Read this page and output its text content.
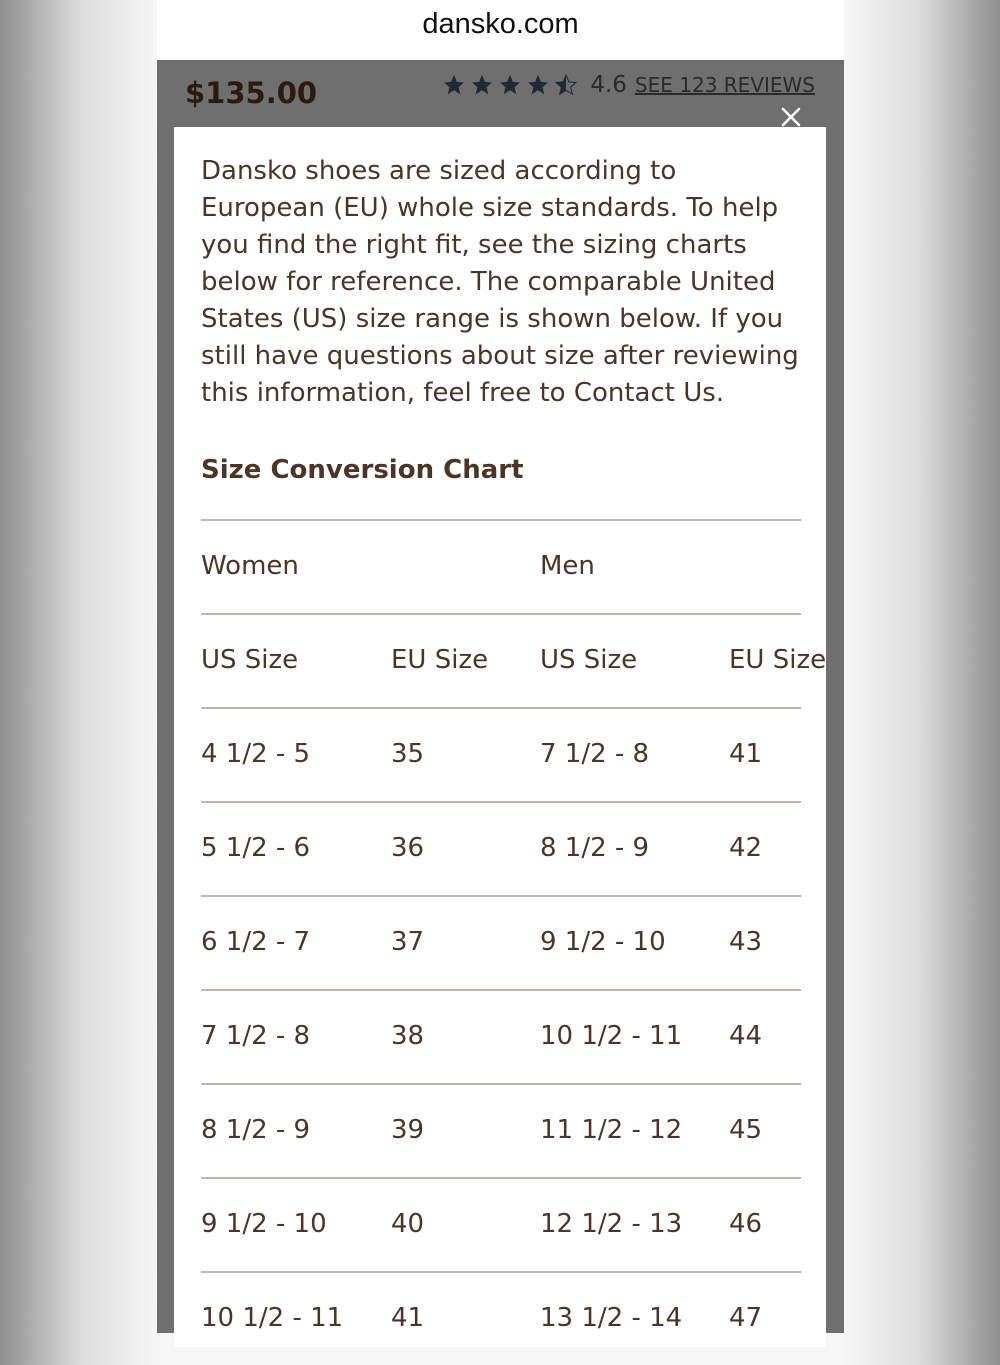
dansko.com
$135.00	4.6 SEE 123 REVIEWS

Dansko shoes are sized according to European (EU) whole size standards. To help you find the right fit, see the sizing charts below for reference. The comparable United States (US) size range is shown below. If you still have questions about size after reviewing this information, feel free to Contact Us.

Size Conversion Chart
Women	Men
US Size	EU Size US Size	EU Size
4 1/2 - 5	35	7 1/2 - 8	41
5 1/2 - 6	36	8 1/2 - 9	42
6 1/2 - 7	37	9 1/2 - 10 43
7 1/2 - 8	38	10 1/2 - 11 44
8 1/2 - 9	39	11 1/2 - 12 45
9 1/2 - 10 40	12 1/2 - 13 46
10 1/2 - 11 41	13 1/2 - 14 47
